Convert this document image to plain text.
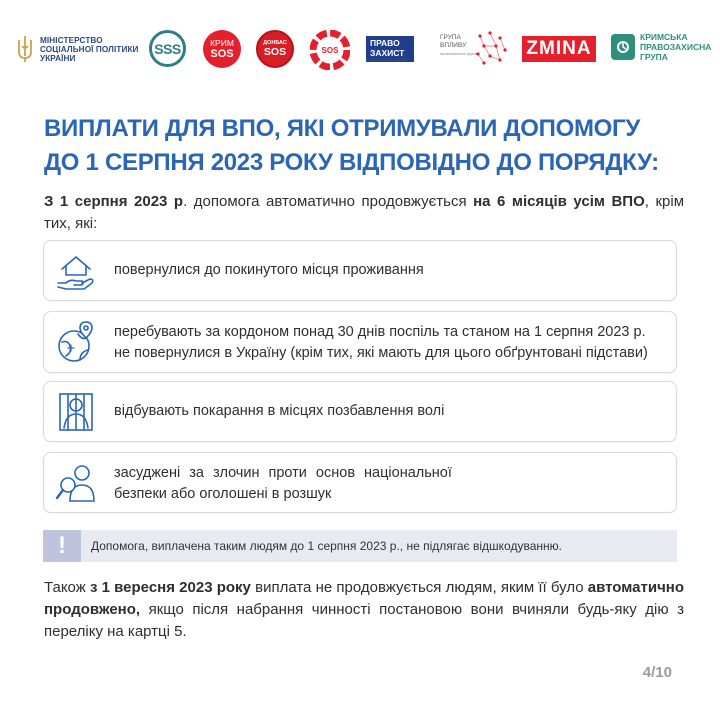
МІНІСТЕРСТВО
СОЦІАЛЬНОЇ ПОЛІТИКИ
УКРАЇНИ
SSS	КРИМ
SOS
ДОНБАС
SOS	SOS
ПРАВО
ЗАХИСТ
у партнерстві з UNHCR
ГРУПА
ВПЛИВУ
правозахисна група	ZMINA
КРИМСЬКА
ПРАВОЗАХИСНА
ГРУПА
ВИПЛАТИ ДЛЯ ВПО, ЯКІ ОТРИМУВАЛИ ДОПОМОГУ
ДО 1 СЕРПНЯ 2023 РОКУ ВІДПОВІДНО ДО ПОРЯДКУ:
З 1 серпня 2023 р. допомога автоматично продовжується на 6 місяців усім ВПО, крім тих, які:
повернулися до покинутого місця проживання
перебувають за кордоном понад 30 днів поспіль та станом на 1 серпня 2023 р.
не повернулися в Україну (крім тих, які мають для цього обґрунтовані підстави)
відбувають покарання в місцях позбавлення волі
засуджені за злочин проти основ національної
безпеки або оголошені в розшук
! Допомога, виплачена таким людям до 1 серпня 2023 р., не підлягає відшкодуванню.
Також з 1 вересня 2023 року виплата не продовжується людям, яким її було автоматично продовжено, якщо після набрання чинності постановою вони вчиняли будь-яку дію з переліку на картці 5.
4/10
